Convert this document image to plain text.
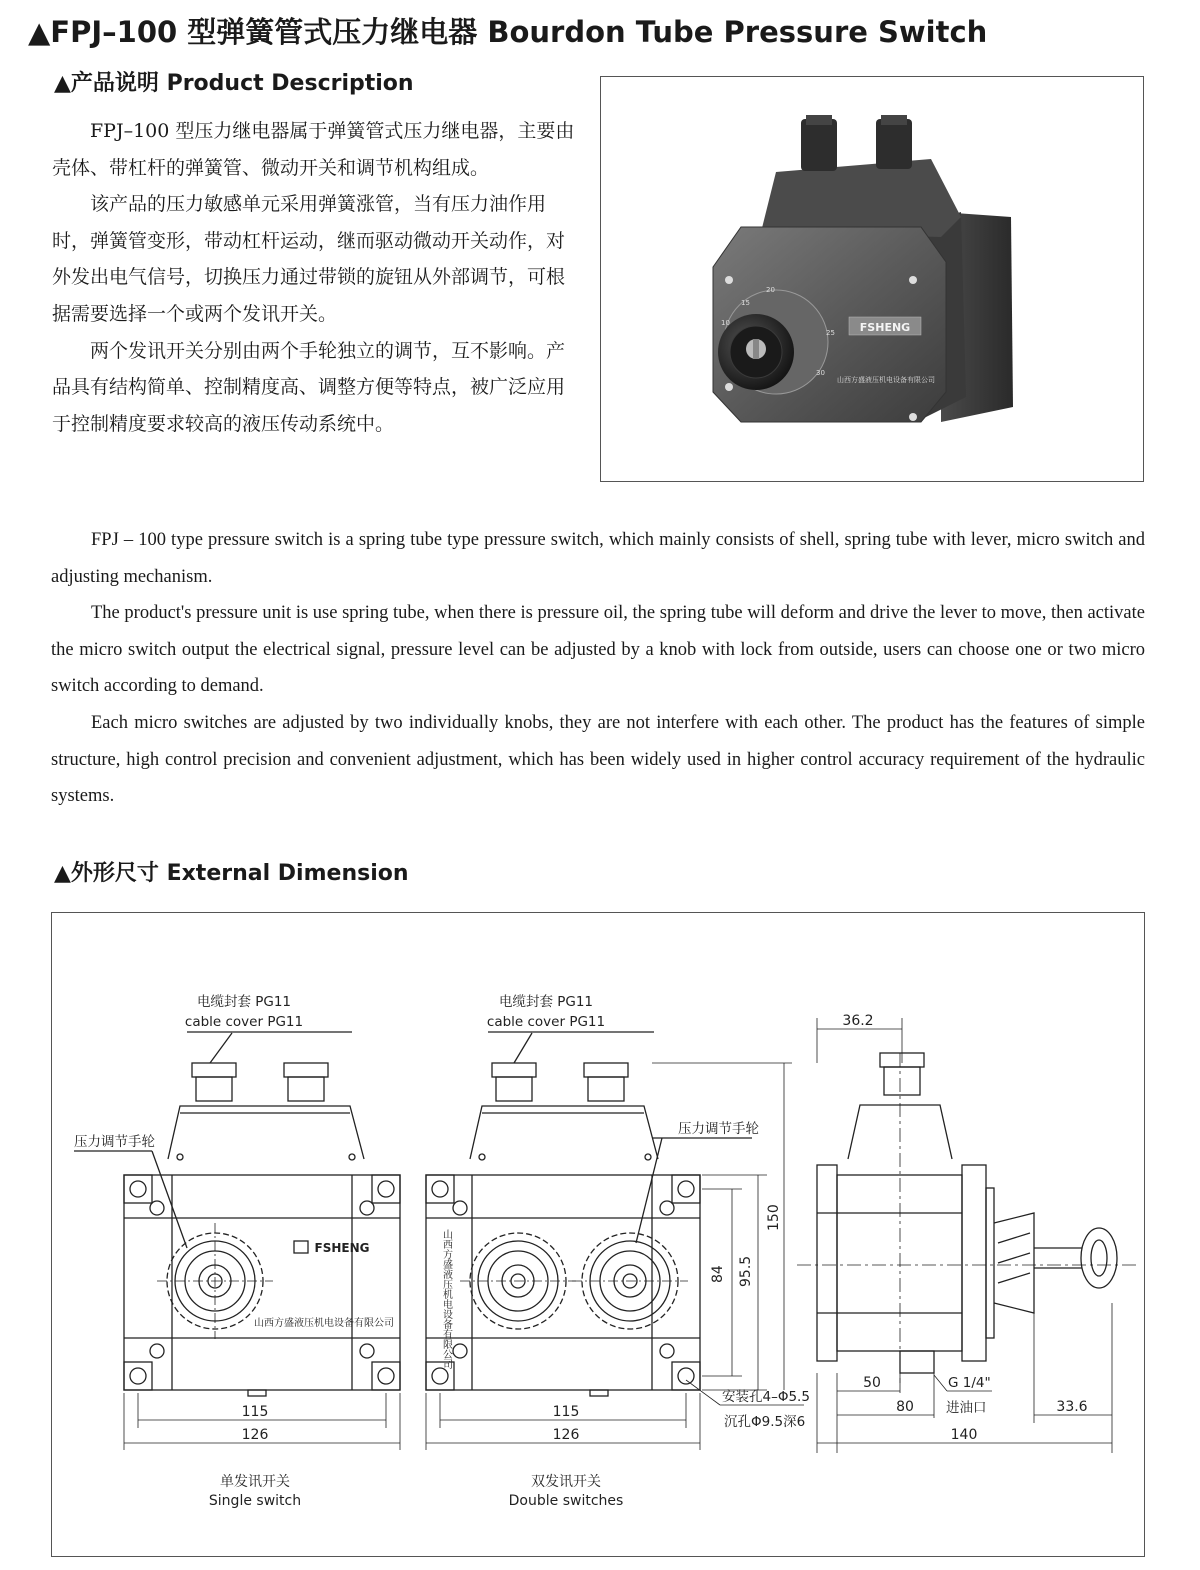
▲FPJ–100 型弹簧管式压力继电器 Bourdon Tube Pressure Switch
▲产品说明 Product Description

FPJ–100 型压力继电器属于弹簧管式压力继电器，主要由壳体、带杠杆的弹簧管、微动开关和调节机构组成。

该产品的压力敏感单元采用弹簧涨管，当有压力油作用时，弹簧管变形，带动杠杆运动，继而驱动微动开关动作，对外发出电气信号，切换压力通过带锁的旋钮从外部调节，可根据需要选择一个或两个发讯开关。

两个发讯开关分别由两个手轮独立的调节，互不影响。产品具有结构简单、控制精度高、调整方便等特点，被广泛应用于控制精度要求较高的液压传动系统中。

FSHENG
山西方盛液压机电设备有限公司
20
15
10
25
30

FPJ – 100 type pressure switch is a spring tube type pressure switch, which mainly consists of shell, spring tube with lever, micro switch and adjusting mechanism.

The product's pressure unit is use spring tube, when there is pressure oil, the spring tube will deform and drive the lever to move, then activate the micro switch output the electrical signal, pressure level can be adjusted by a knob with lock from outside, users can choose one or two micro switch according to demand.

Each micro switches are adjusted by two individually knobs, they are not interfere with each other. The product has the features of simple structure, high control precision and convenient adjustment, which has been widely used in higher control accuracy requirement of the hydraulic systems.

▲外形尺寸 External Dimension
电缆封套 PG11
cable cover PG11
压力调节手轮
FSHENG
山西方盛液压机电设备有限公司
115
126
单发讯开关
Single switch
电缆封套 PG11
cable cover PG11
压力调节手轮
山西方盛液压机电设备有限公司
115
126
84 95.5
150
安装孔4–Φ5.5
沉孔Φ9.5深6
双发讯开关
Double switches
36.2
50
80	33.6
140
G 1/4"
进油口
